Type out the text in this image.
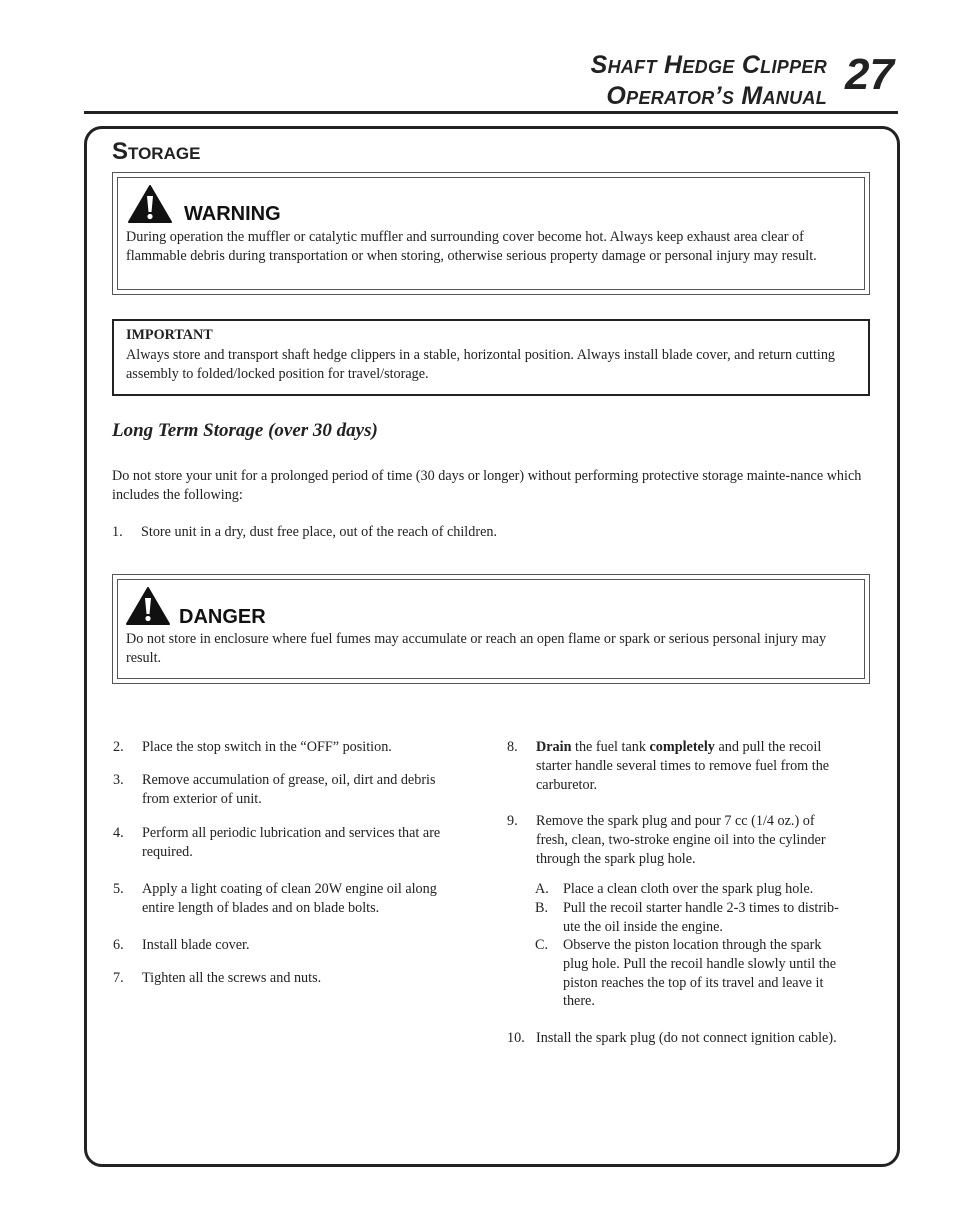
Shaft Hedge Clipper
Operator’s Manual 27
Storage
WARNING
During operation the muffler or catalytic muffler and surrounding cover become hot. Always keep exhaust area clear of flammable debris during transportation or when storing, otherwise serious property damage or personal injury may result.
IMPORTANT
Always store and transport shaft hedge clippers in a stable, horizontal position. Always install blade cover, and return cutting assembly to folded/locked position for travel/storage.
Long Term Storage (over 30 days)
Do not store your unit for a prolonged period of time (30 days or longer) without performing protective storage mainte-nance which includes the following:
1. Store unit in a dry, dust free place, out of the reach of children.
DANGER
Do not store in enclosure where fuel fumes may accumulate or reach an open flame or spark or serious personal injury may result.
2. Place the stop switch in the “OFF” position.
3. Remove accumulation of grease, oil, dirt and debris
from exterior of unit.
4. Perform all periodic lubrication and services that are
required.
5. Apply a light coating of clean 20W engine oil along
entire length of blades and on blade bolts.
6. Install blade cover.
7. Tighten all the screws and nuts.
8. Drain the fuel tank completely and pull the recoil
starter handle several times to remove fuel from the
carburetor.
9. Remove the spark plug and pour 7 cc (1/4 oz.) of
fresh, clean, two-stroke engine oil into the cylinder
through the spark plug hole.
A. Place a clean cloth over the spark plug hole.
B. Pull the recoil starter handle 2-3 times to distrib-
ute the oil inside the engine.
C. Observe the piston location through the spark
plug hole. Pull the recoil handle slowly until the
piston reaches the top of its travel and leave it
there.
10. Install the spark plug (do not connect ignition cable).
